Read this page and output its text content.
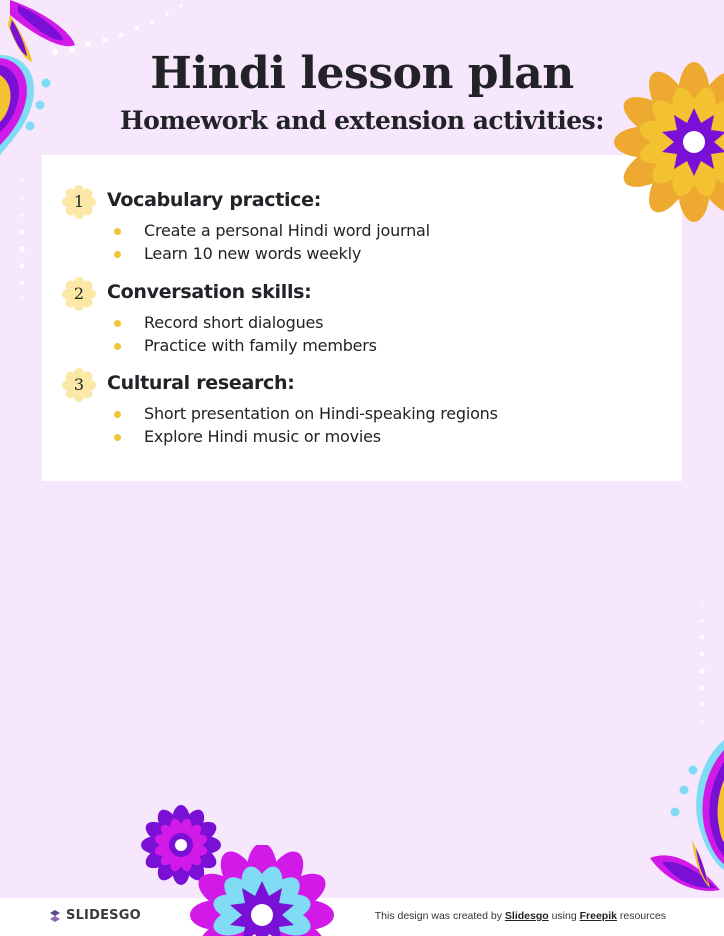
Hindi lesson plan
Homework and extension activities:
1	Vocabulary practice:
Create a personal Hindi word journal
Learn 10 new words weekly
2	Conversation skills:
Record short dialogues
Practice with family members
3	Cultural research:
Short presentation on Hindi-speaking regions
Explore Hindi music or movies
SLIDESGO	This design was created by Slidesgo using Freepik resources
